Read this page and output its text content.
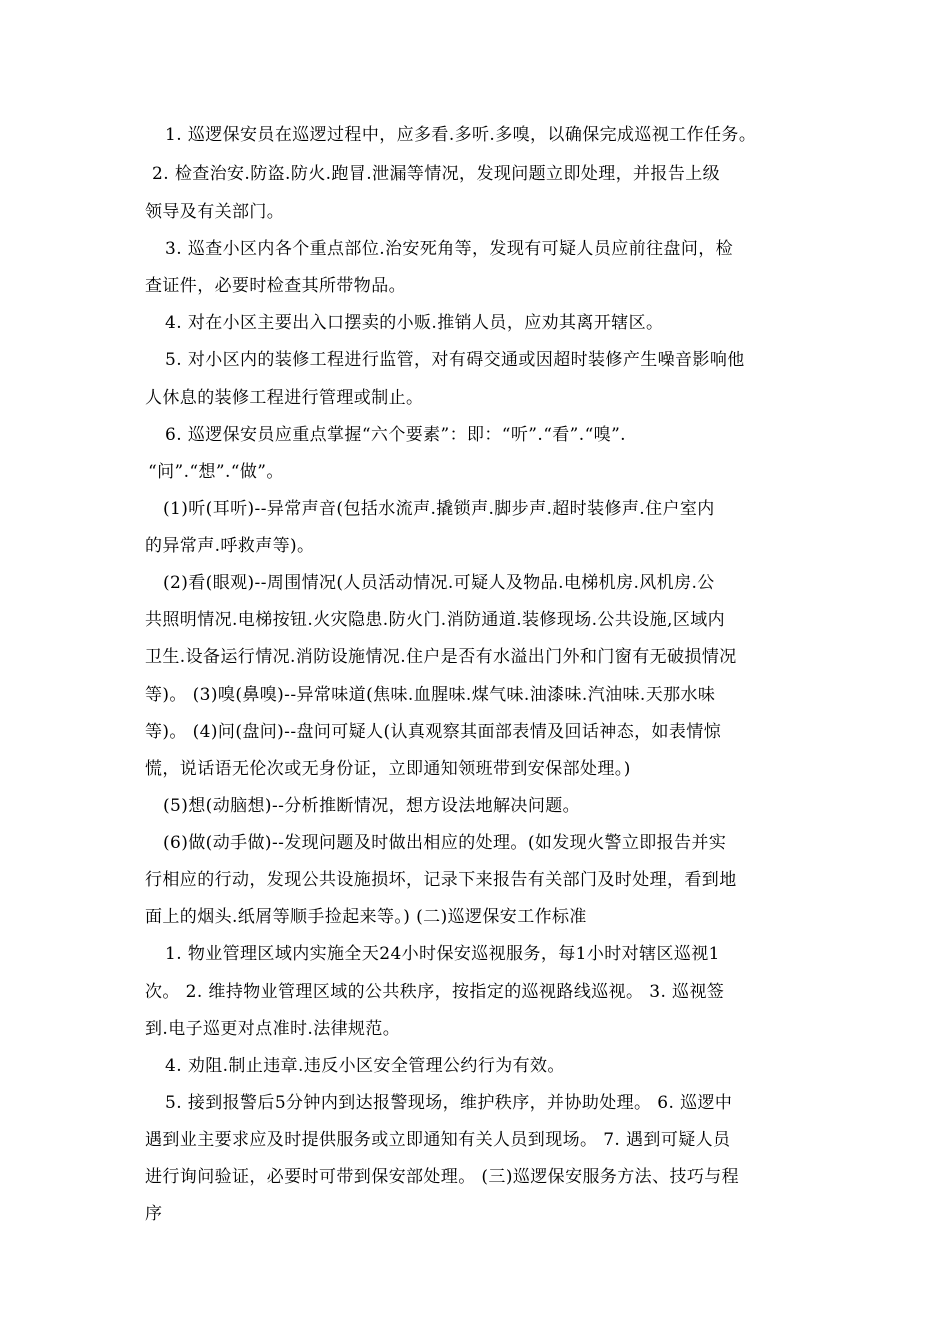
1. 巡逻保安员在巡逻过程中，应多看.多听.多嗅，以确保完成巡视工作任务。
2. 检查治安.防盗.防火.跑冒.泄漏等情况，发现问题立即处理，并报告上级
领导及有关部门。
3. 巡查小区内各个重点部位.治安死角等，发现有可疑人员应前往盘问，检
查证件，必要时检查其所带物品。
4. 对在小区主要出入口摆卖的小贩.推销人员，应劝其离开辖区。
5. 对小区内的装修工程进行监管，对有碍交通或因超时装修产生噪音影响他
人休息的装修工程进行管理或制止。
6. 巡逻保安员应重点掌握“六个要素”：即：“听”.“看”.“嗅”.
“问”.“想”.“做”。
(1)听(耳听)--异常声音(包括水流声.撬锁声.脚步声.超时装修声.住户室内
的异常声.呼救声等)。
(2)看(眼观)--周围情况(人员活动情况.可疑人及物品.电梯机房.风机房.公
共照明情况.电梯按钮.火灾隐患.防火门.消防通道.装修现场.公共设施,区域内
卫生.设备运行情况.消防设施情况.住户是否有水溢出门外和门窗有无破损情况
等)。 (3)嗅(鼻嗅)--异常味道(焦味.血腥味.煤气味.油漆味.汽油味.天那水味
等)。 (4)问(盘问)--盘问可疑人(认真观察其面部表情及回话神态，如表情惊
慌，说话语无伦次或无身份证，立即通知领班带到安保部处理。)
(5)想(动脑想)--分析推断情况，想方设法地解决问题。
(6)做(动手做)--发现问题及时做出相应的处理。(如发现火警立即报告并实
行相应的行动，发现公共设施损坏，记录下来报告有关部门及时处理，看到地
面上的烟头.纸屑等顺手捡起来等。) (二)巡逻保安工作标准
1. 物业管理区域内实施全天24小时保安巡视服务，每1小时对辖区巡视1
次。 2. 维持物业管理区域的公共秩序，按指定的巡视路线巡视。 3. 巡视签
到.电子巡更对点准时.法律规范。
4. 劝阻.制止违章.违反小区安全管理公约行为有效。
5. 接到报警后5分钟内到达报警现场，维护秩序，并协助处理。 6. 巡逻中
遇到业主要求应及时提供服务或立即通知有关人员到现场。 7. 遇到可疑人员
进行询问验证，必要时可带到保安部处理。 (三)巡逻保安服务方法、技巧与程
序
